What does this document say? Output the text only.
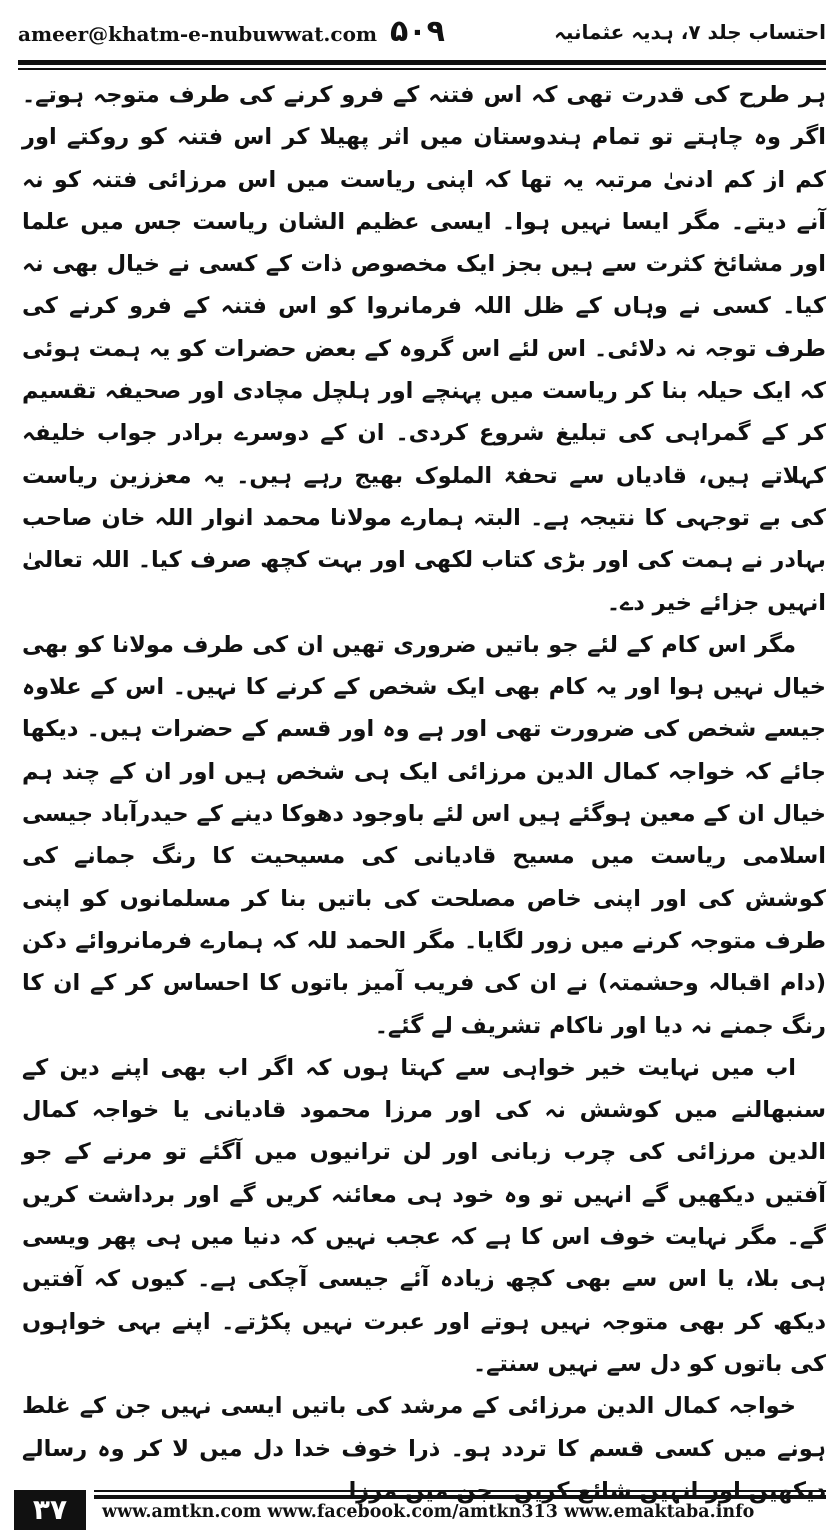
ameer@khatm-e-nubuwwat.com ۵۰۹	احتساب جلد ۷، ہدیہ عثمانیہ

ہر طرح کی قدرت تھی کہ اس فتنہ کے فرو کرنے کی طرف متوجہ ہوتے۔ اگر وہ چاہتے تو تمام ہندوستان میں اثر پھیلا کر اس فتنہ کو روکتے اور کم از کم ادنیٰ مرتبہ یہ تھا کہ اپنی ریاست میں اس مرزائی فتنہ کو نہ آنے دیتے۔ مگر ایسا نہیں ہوا۔ ایسی عظیم الشان ریاست جس میں علما اور مشائخ کثرت سے ہیں بجز ایک مخصوص ذات کے کسی نے خیال بھی نہ کیا۔ کسی نے وہاں کے ظل اللہ فرمانروا کو اس فتنہ کے فرو کرنے کی طرف توجہ نہ دلائی۔ اس لئے اس گروہ کے بعض حضرات کو یہ ہمت ہوئی کہ ایک حیلہ بنا کر ریاست میں پہنچے اور ہلچل مچادی اور صحیفہ تقسیم کر کے گمراہی کی تبلیغ شروع کردی۔ ان کے دوسرے برادر جواب خلیفہ کہلاتے ہیں، قادیاں سے تحفۃ الملوک بھیج رہے ہیں۔ یہ معززین ریاست کی بے توجہی کا نتیجہ ہے۔ البتہ ہمارے مولانا محمد انوار اللہ خان صاحب بہادر نے ہمت کی اور بڑی کتاب لکھی اور بہت کچھ صرف کیا۔ اللہ تعالیٰ انہیں جزائے خیر دے۔

مگر اس کام کے لئے جو باتیں ضروری تھیں ان کی طرف مولانا کو بھی خیال نہیں ہوا اور یہ کام بھی ایک شخص کے کرنے کا نہیں۔ اس کے علاوہ جیسے شخص کی ضرورت تھی اور ہے وہ اور قسم کے حضرات ہیں۔ دیکھا جائے کہ خواجہ کمال الدین مرزائی ایک ہی شخص ہیں اور ان کے چند ہم خیال ان کے معین ہوگئے ہیں اس لئے باوجود دھوکا دینے کے حیدرآباد جیسی اسلامی ریاست میں مسیح قادیانی کی مسیحیت کا رنگ جمانے کی کوشش کی اور اپنی خاص مصلحت کی باتیں بنا کر مسلمانوں کو اپنی طرف متوجہ کرنے میں زور لگایا۔ مگر الحمد للہ کہ ہمارے فرمانروائے دکن (دام اقبالہ وحشمتہ) نے ان کی فریب آمیز باتوں کا احساس کر کے ان کا رنگ جمنے نہ دیا اور ناکام تشریف لے گئے۔

اب میں نہایت خیر خواہی سے کہتا ہوں کہ اگر اب بھی اپنے دین کے سنبھالنے میں کوشش نہ کی اور مرزا محمود قادیانی یا خواجہ کمال الدین مرزائی کی چرب زبانی اور لن ترانیوں میں آگئے تو مرنے کے جو آفتیں دیکھیں گے انہیں تو وہ خود ہی معائنہ کریں گے اور برداشت کریں گے۔ مگر نہایت خوف اس کا ہے کہ عجب نہیں کہ دنیا میں ہی پھر ویسی ہی بلا، یا اس سے بھی کچھ زیادہ آئے جیسی آچکی ہے۔ کیوں کہ آفتیں دیکھ کر بھی متوجہ نہیں ہوتے اور عبرت نہیں پکڑتے۔ اپنے بہی خواہوں کی باتوں کو دل سے نہیں سنتے۔

خواجہ کمال الدین مرزائی کے مرشد کی باتیں ایسی نہیں جن کے غلط ہونے میں کسی قسم کا تردد ہو۔ ذرا خوف خدا دل میں لا کر وہ رسالے

۳۷	www.amtkn.com www.facebook.com/amtkn313 www.emaktaba.info
